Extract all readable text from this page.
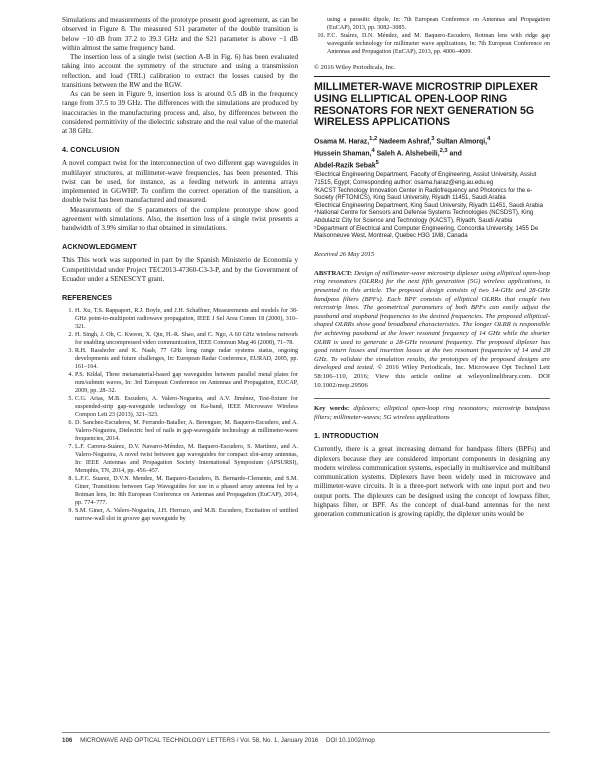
Simulations and measurements of the prototype present good agreement, as can be observed in Figure 8. The measured S11 parameter of the double transition is below −10 dB from 37.2 to 39.3 GHz and the S21 parameter is above −1 dB within almost the same frequency band.

The insertion loss of a single twist (section A-B in Fig. 6) has been evaluated taking into account the symmetry of the structure and using a transmission reflection, and load (TRL) calibration to extract the losses caused by the transitions between the RW and the RGW.

As can be seen in Figure 9, insertion loss is around 0.5 dB in the frequency range from 37.5 to 39 GHz. The differences with the simulations are produced by inaccuracies in the manufacturing process and, also, by differences between the considered permittivity of the dielectric substrate and the real value of the material at 38 GHz.

4. CONCLUSION

A novel compact twist for the interconnection of two different gap waveguides in multilayer structures, at millimeter-wave frequencies, has been presented. This twist can be used, for instance, as a feeding network in antenna arrays implemented in GGWHP. To confirm the correct operation of the transition, a double twist has been manufactured and measured.

Measurements of the S parameters of the complete prototype show good agreement with simulations. Also, the insertion loss of a single twist presents a bandwidth of 3.9% similar to that obtained in simulations.

ACKNOWLEDGMENT

This This work was supported in part by the Spanish Ministerio de Economía y Competitividad under Project TEC2013-47360-C3-3-P, and by the Government of Ecuador under a SENESCYT grant.

REFERENCES
1. H. Xu, T.S. Rappaport, R.J. Boyle, and J.H. Schaffner, Measurements and models for 38-GHz point-to-multipoint radiowave propagation, IEEE J Sel Area Comm 18 (2000), 310–321.
2. H. Singh, J. Oh, C. Kweon, X. Qin, H.-R. Shao, and C. Ngo, A 60 GHz wireless network for enabling uncompressed video communication, IEEE Commun Mag 46 (2008), 71–78.
3. R.H. Rasshofer and K. Naab, 77 GHz long range radar systems status, ongoing developments and future challenges, In: European Radar Conference, EURAD, 2005, pp. 161–164.
4. P.S. Kildal, Three metamaterial-based gap waveguides between parallel metal plates for mm/submm waves, In: 3rd European Conference on Antennas and Propagation, EUCAP, 2009, pp. 28–32.
5. C.G. Arias, M.B. Escudero, A. Valero-Nogueira, and A.V. Jiménez, Test-fixture for suspended-strip gap-waveguide technology on Ka-band, IEEE Microwave Wireless Compon Lett 23 (2013), 321–323.
6. D. Sanchez-Escuderos, M. Ferrando-Bataller, A. Berenguer, M. Baquero-Escudero, and A. Valero-Nogueira, Dielectric bed of nails in gap-waveguide technology at millimeter-wave frequencies, 2014.
7. L.F. Carrera-Suárez, D.V. Navarro-Méndez, M. Baquero-Escudero, S. Martínez, and A. Valero-Nogueira, A novel twist between gap waveguides for compact slot-array antennas, In: IEEE Antennas and Propagation Society International Symposium (APSURSI), Memphis, TN, 2014, pp. 456–457.
8. L.F.C. Suarez, D.V.N. Mendez, M. Baquero-Escudero, B. Bernardo-Clemente, and S.M. Giner, Transitions between Gap Waveguides for use in a phased array antenna fed by a Rotman lens, In: 8th European Conference on Antennas and Propagation (EuCAP), 2014, pp. 774–777.
9. S.M. Giner, A. Valero-Nogueira, J.H. Herruzo, and M.B. Escudero, Excitation of untilted narrow-wall slot in groove gap waveguide by
using a parasitic dipole, In: 7th European Conference on Antennas and Propagation (EuCAP), 2013, pp. 3082–3085.
10. F.C. Suárez, D.N. Méndez, and M. Baquero-Escudero, Rotman lens with ridge gap waveguide technology for millimeter wave applications, In: 7th European Conference on Antennas and Propagation (EuCAP), 2013, pp. 4006–4009.
© 2016 Wiley Periodicals, Inc.
MILLIMETER-WAVE MICROSTRIP DIPLEXER USING ELLIPTICAL OPEN-LOOP RING RESONATORS FOR NEXT GENERATION 5G WIRELESS APPLICATIONS
Osama M. Haraz,$^{1,2}$ Nadeem Ashraf,$^3$ Sultan Almorqi,$^4$
Hussein Shaman,$^4$ Saleh A. Alshebeili,$^{2,3}$ and
Abdel-Razik Sebak$^5$
¹Electrical Engineering Department, Faculty of Engineering, Assiut University, Assiut 71515, Egypt; Corresponding author: osama.haraz@eng.au.edu.eg
²KACST Technology Innovation Center in Radiofrequency and Photonics for the e-Society (RFTONICS), King Saud University, Riyadh 11451, Saudi Arabia
³Electrical Engineering Department, King Saud University, Riyadh 11451, Saudi Arabia
⁴National Centre for Sensors and Defense Systems Technologies (NCSDST), King Abdulaziz City for Science and Technology (KACST), Riyadh, Saudi Arabia
⁵Department of Electrical and Computer Engineering, Concordia University, 1455 De Maisonneuve West, Montreal, Quebec H3G 1M8, Canada
Received 26 May 2015

ABSTRACT: Design of millimeter-wave microstrip diplexer using elliptical open-loop ring resonators (OLRRs) for the next fifth generation (5G) wireless applications, is presented in this article. The proposed design consists of two 14-GHz and 28-GHz bandpass filters (BPFs). Each BPF consists of elliptical OLRRs that couple two microstrip lines. The geometrical parameters of both BPFs can easily adjust the passband and stopband frequencies to the desired frequencies. The proposed elliptical-shaped OLRRs show good broadband characteristics. The longer OLRR is responsible for achieving passband at the lower resonant frequency of 14 GHz while the shorter OLRR is used to generate a 28-GHz resonant frequency. The proposed diplexer has good return losses and insertion losses at the two resonant frequencies of 14 and 28 GHz. To validate the simulation results, the prototypes of the proposed designs are developed and tested. © 2016 Wiley Periodicals, Inc. Microwave Opt Technol Lett 58:106–110, 2016; View this article online at wileyonlinelibrary.com. DOI 10.1002/mop.29506

Key words: diplexers; elliptical open-loop ring resonators; microstrip bandpass filters; millimeter-waves; 5G wireless applications

1. INTRODUCTION

Currently, there is a great increasing demand for bandpass filters (BPFs) and diplexers because they are considered important components in designing any modern wireless communication systems, especially in multiservice and multiband communication systems. Diplexers have been widely used in microwave and millimeter-wave circuits. It is a three-port network with one input port and two output ports. The diplexers can be designed using the concept of lowpass filter, highpass filter, or BPF. As the concept of dual-band antennas for the next generation communication is growing rapidly, the diplexer units would be

106 MICROWAVE AND OPTICAL TECHNOLOGY LETTERS / Vol. 58, No. 1, January 2016 DOI 10.1002/mop
